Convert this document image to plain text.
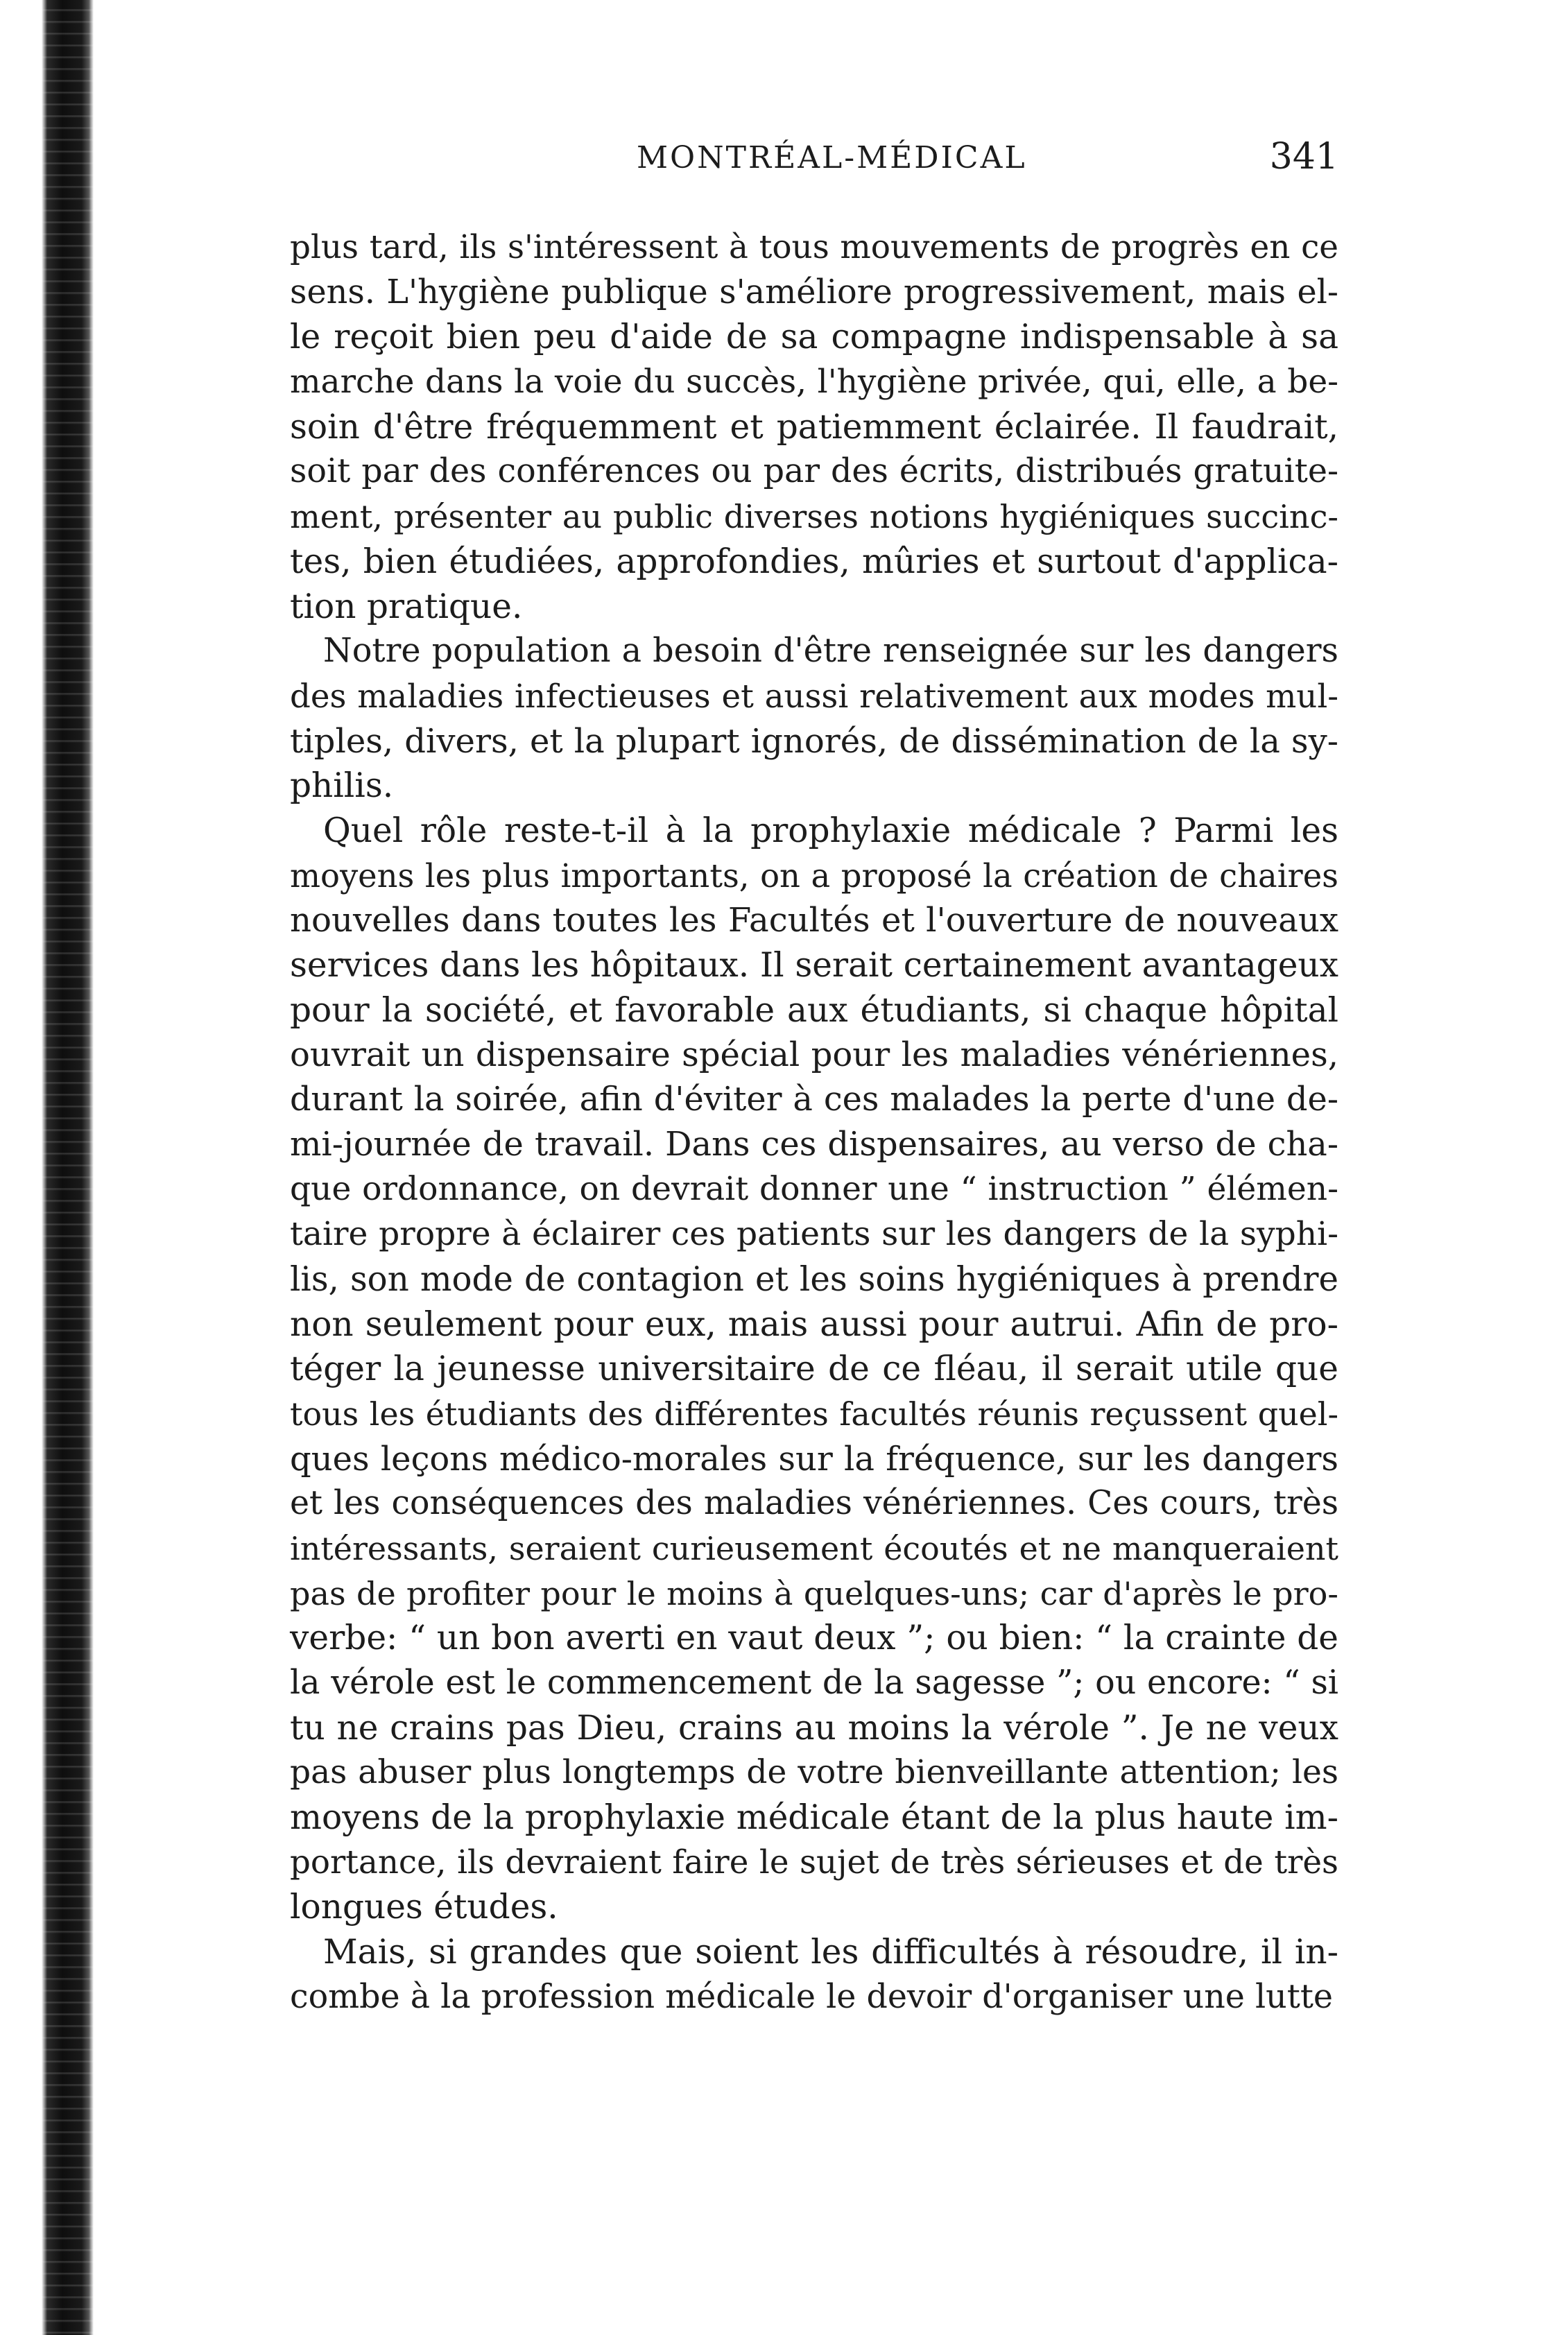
MONTRÉAL-MÉDICAL	341
plus tard, ils s'intéressent à tous mouvements de progrès en ce
sens. L'hygiène publique s'améliore progressivement, mais el-
le reçoit bien peu d'aide de sa compagne indispensable à sa
marche dans la voie du succès, l'hygiène privée, qui, elle, a be-
soin d'être fréquemment et patiemment éclairée. Il faudrait,
soit par des conférences ou par des écrits, distribués gratuite-
ment, présenter au public diverses notions hygiéniques succinc-
tes, bien étudiées, approfondies, mûries et surtout d'applica-
tion pratique.
Notre population a besoin d'être renseignée sur les dangers
des maladies infectieuses et aussi relativement aux modes mul-
tiples, divers, et la plupart ignorés, de dissémination de la sy-
philis.
Quel rôle reste-t-il à la prophylaxie médicale ? Parmi les
moyens les plus importants, on a proposé la création de chaires
nouvelles dans toutes les Facultés et l'ouverture de nouveaux
services dans les hôpitaux. Il serait certainement avantageux
pour la société, et favorable aux étudiants, si chaque hôpital
ouvrait un dispensaire spécial pour les maladies vénériennes,
durant la soirée, afin d'éviter à ces malades la perte d'une de-
mi-journée de travail. Dans ces dispensaires, au verso de cha-
que ordonnance, on devrait donner une “ instruction ” élémen-
taire propre à éclairer ces patients sur les dangers de la syphi-
lis, son mode de contagion et les soins hygiéniques à prendre
non seulement pour eux, mais aussi pour autrui. Afin de pro-
téger la jeunesse universitaire de ce fléau, il serait utile que
tous les étudiants des différentes facultés réunis reçussent quel-
ques leçons médico-morales sur la fréquence, sur les dangers
et les conséquences des maladies vénériennes. Ces cours, très
intéressants, seraient curieusement écoutés et ne manqueraient
pas de profiter pour le moins à quelques-uns; car d'après le pro-
verbe: “ un bon averti en vaut deux ”; ou bien: “ la crainte de
la vérole est le commencement de la sagesse ”; ou encore: “ si
tu ne crains pas Dieu, crains au moins la vérole ”. Je ne veux
pas abuser plus longtemps de votre bienveillante attention; les
moyens de la prophylaxie médicale étant de la plus haute im-
portance, ils devraient faire le sujet de très sérieuses et de très
longues études.
Mais, si grandes que soient les difficultés à résoudre, il in-
combe à la profession médicale le devoir d'organiser une lutte
